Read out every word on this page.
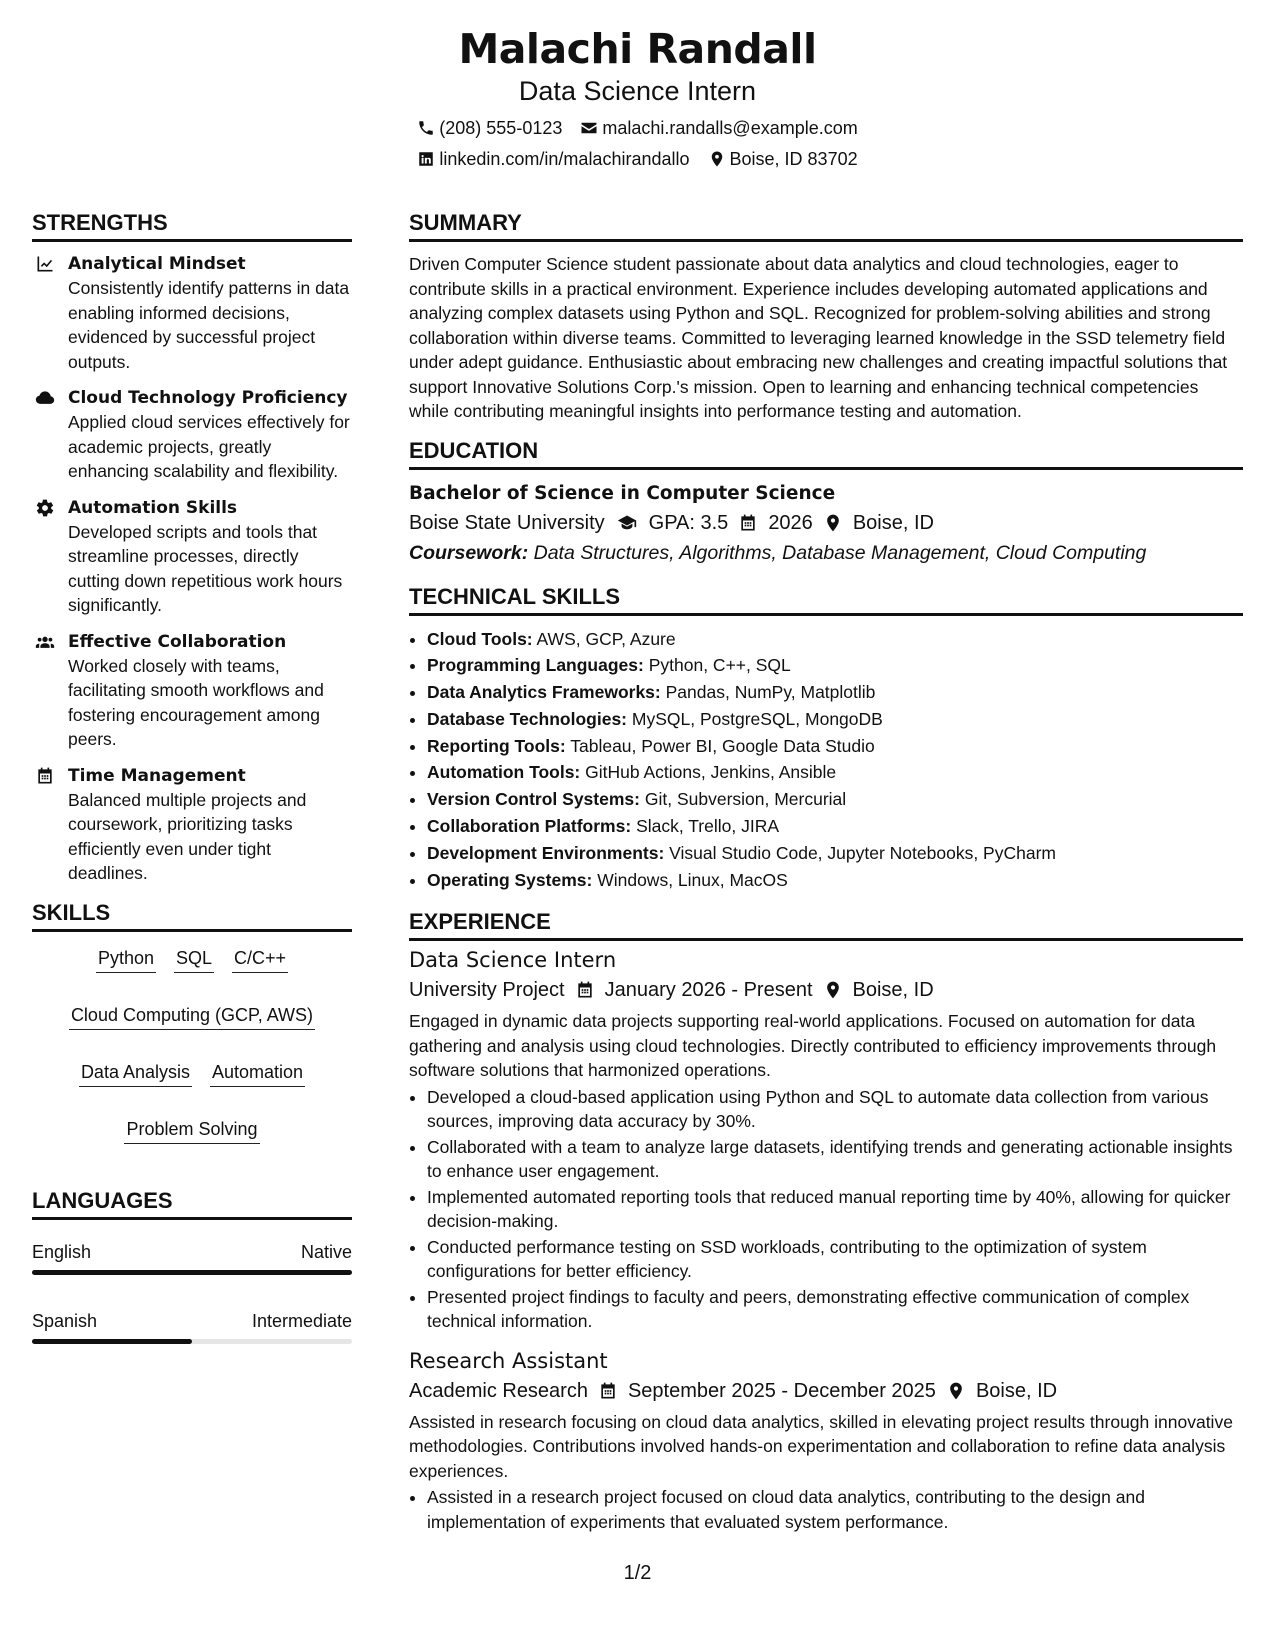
Malachi Randall
Data Science Intern
(208) 555-0123 malachi.randalls@example.com
linkedin.com/in/malachirandallo Boise, ID 83702
STRENGTHS
Analytical Mindset
Consistently identify patterns in data enabling informed decisions, evidenced by successful project outputs.
Cloud Technology Proficiency
Applied cloud services effectively for academic projects, greatly enhancing scalability and flexibility.
Automation Skills
Developed scripts and tools that streamline processes, directly cutting down repetitious work hours significantly.
Effective Collaboration
Worked closely with teams, facilitating smooth workflows and fostering encouragement among peers.
Time Management
Balanced multiple projects and coursework, prioritizing tasks efficiently even under tight deadlines.
SKILLS
Python SQL C/C++
Cloud Computing (GCP, AWS)
Data Analysis Automation
Problem Solving
LANGUAGES
English	Native
Spanish	Intermediate
SUMMARY
Driven Computer Science student passionate about data analytics and cloud technologies, eager to contribute skills in a practical environment. Experience includes developing automated applications and analyzing complex datasets using Python and SQL. Recognized for problem-solving abilities and strong collaboration within diverse teams. Committed to leveraging learned knowledge in the SSD telemetry field under adept guidance. Enthusiastic about embracing new challenges and creating impactful solutions that support Innovative Solutions Corp.'s mission. Open to learning and enhancing technical competencies while contributing meaningful insights into performance testing and automation.
EDUCATION
Bachelor of Science in Computer Science
Boise State University GPA: 3.5 2026 Boise, ID
Coursework: Data Structures, Algorithms, Database Management, Cloud Computing
TECHNICAL SKILLS
• Cloud Tools: AWS, GCP, Azure
• Programming Languages: Python, C++, SQL
• Data Analytics Frameworks: Pandas, NumPy, Matplotlib
• Database Technologies: MySQL, PostgreSQL, MongoDB
• Reporting Tools: Tableau, Power BI, Google Data Studio
• Automation Tools: GitHub Actions, Jenkins, Ansible
• Version Control Systems: Git, Subversion, Mercurial
• Collaboration Platforms: Slack, Trello, JIRA
• Development Environments: Visual Studio Code, Jupyter Notebooks, PyCharm
• Operating Systems: Windows, Linux, MacOS
EXPERIENCE
Data Science Intern
University Project January 2026 - Present Boise, ID
Engaged in dynamic data projects supporting real-world applications. Focused on automation for data gathering and analysis using cloud technologies. Directly contributed to efficiency improvements through software solutions that harmonized operations.
• Developed a cloud-based application using Python and SQL to automate data collection from various sources, improving data accuracy by 30%.
• Collaborated with a team to analyze large datasets, identifying trends and generating actionable insights to enhance user engagement.
• Implemented automated reporting tools that reduced manual reporting time by 40%, allowing for quicker decision-making.
• Conducted performance testing on SSD workloads, contributing to the optimization of system configurations for better efficiency.
• Presented project findings to faculty and peers, demonstrating effective communication of complex technical information.
Research Assistant
Academic Research September 2025 - December 2025 Boise, ID
Assisted in research focusing on cloud data analytics, skilled in elevating project results through innovative methodologies. Contributions involved hands-on experimentation and collaboration to refine data analysis experiences.
• Assisted in a research project focused on cloud data analytics, contributing to the design and implementation of experiments that evaluated system performance.
1/2
